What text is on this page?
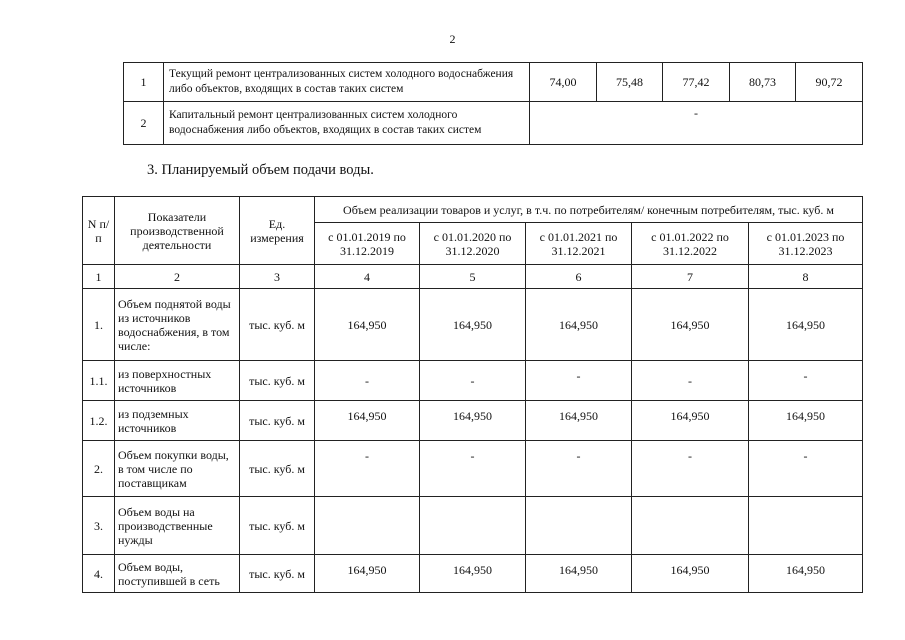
2
1	Текущий ремонт централизованных систем холодного водоснабжения либо объектов, входящих в состав таких систем	74,00	75,48	77,42	80,73	90,72
2	Капитальный ремонт централизованных систем холодного водоснабжения либо объектов, входящих в состав таких систем	-				
3. Планируемый объем подачи воды.
N п/п	Показатели производственной деятельности	Ед. измерения	Объем реализации товаров и услуг, в т.ч. по потребителям/ конечным потребителям, тыс. куб. м				
			с 01.01.2019 по 31.12.2019	с 01.01.2020 по 31.12.2020	с 01.01.2021 по 31.12.2021	с 01.01.2022 по 31.12.2022	с 01.01.2023 по 31.12.2023
1	2	3	4	5	6	7	8
1.	Объем поднятой воды из источников водоснабжения, в том числе:	тыс. куб. м	164,950	164,950	164,950	164,950	164,950
1.1.	из поверхностных источников	тыс. куб. м	-	-	-	-	-
1.2.	из подземных источников	тыс. куб. м	164,950	164,950	164,950	164,950	164,950
2.	Объем покупки воды, в том числе по поставщикам	тыс. куб. м	-	-	-	-	-
3.	Объем воды на производственные нужды	тыс. куб. м					
4.	Объем воды, поступившей в сеть	тыс. куб. м	164,950	164,950	164,950	164,950	164,950
